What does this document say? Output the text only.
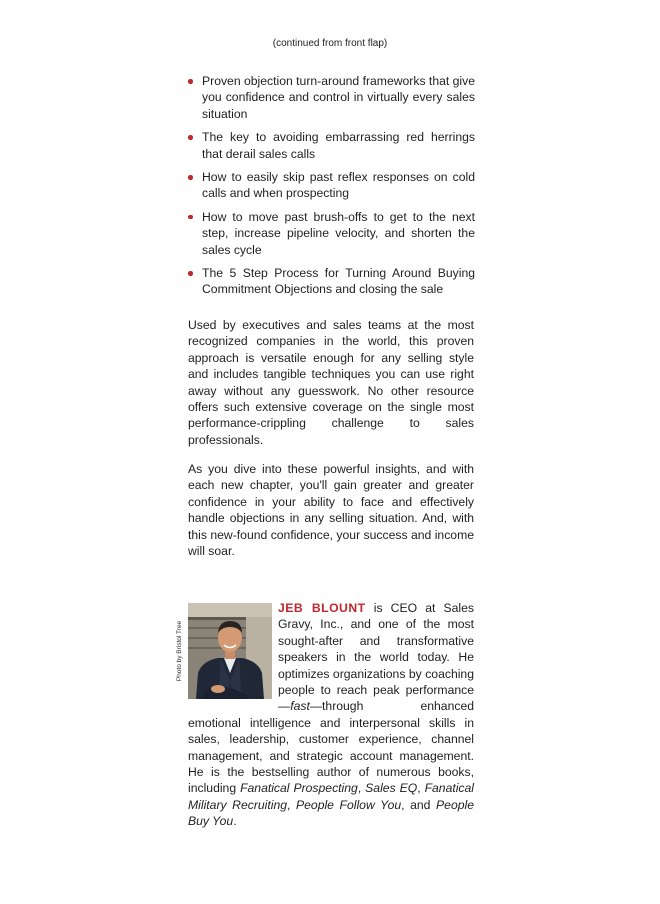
(continued from front flap)
Proven objection turn-around frameworks that give you confidence and control in virtually every sales situation
The key to avoiding embarrassing red herrings that derail sales calls
How to easily skip past reflex responses on cold calls and when prospecting
How to move past brush-offs to get to the next step, increase pipeline velocity, and shorten the sales cycle
The 5 Step Process for Turning Around Buying Commitment Objections and closing the sale
Used by executives and sales teams at the most recognized companies in the world, this proven approach is versatile enough for any selling style and includes tangible techniques you can use right away without any guesswork. No other resource offers such extensive coverage on the single most performance-crippling challenge to sales professionals.
As you dive into these powerful insights, and with each new chapter, you'll gain greater and greater confidence in your ability to face and effectively handle objections in any selling situation. And, with this new-found confidence, your success and income will soar.
Photo by Bristol Tree
JEB BLOUNT is CEO at Sales Gravy, Inc., and one of the most sought-after and transformative speakers in the world today. He optimizes organizations by coaching people to reach peak performance—fast—through enhanced emotional intelligence and interpersonal skills in sales, leadership, customer experience, channel management, and strategic account management. He is the bestselling author of numerous books, including Fanatical Prospecting, Sales EQ, Fanatical Military Recruiting, People Follow You, and People Buy You.
